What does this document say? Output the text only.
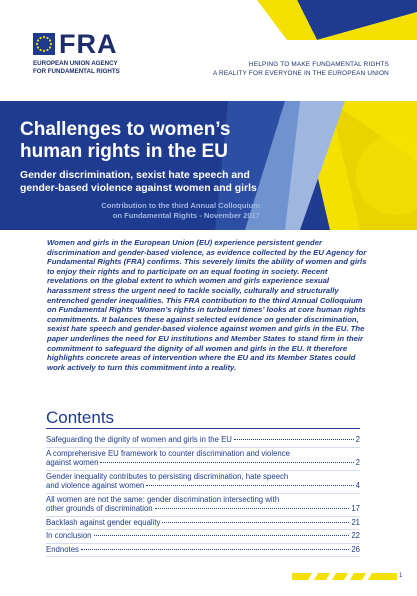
FRA
EUROPEAN UNION AGENCY
FOR FUNDAMENTAL RIGHTS
HELPING TO MAKE FUNDAMENTAL RIGHTS
A REALITY FOR EVERYONE IN THE EUROPEAN UNION
Challenges to women’s
human rights in the EU
Gender discrimination, sexist hate speech and
gender-based violence against women and girls
Contribution to the third Annual Colloquium
on Fundamental Rights - November 2017

Women and girls in the European Union (EU) experience persistent gender discrimination and gender-based violence, as evidence collected by the EU Agency for Fundamental Rights (FRA) confirms. This severely limits the ability of women and girls to enjoy their rights and to participate on an equal footing in society. Recent revelations on the global extent to which women and girls experience sexual harassment stress the urgent need to tackle socially, culturally and structurally entrenched gender inequalities. This FRA contribution to the third Annual Colloquium on Fundamental Rights ‘Women’s rights in turbulent times’ looks at core human rights commitments. It balances these against selected evidence on gender discrimination, sexist hate speech and gender-based violence against women and girls in the EU. The paper underlines the need for EU institutions and Member States to stand firm in their commitment to safeguard the dignity of all women and girls in the EU. It therefore highlights concrete areas of intervention where the EU and its Member States could work actively to turn this commitment into a reality.

Contents
Safeguarding the dignity of women and girls in the EU	2
A comprehensive EU framework to counter discrimination and violence
against women	2
Gender inequality contributes to persisting discrimination, hate speech
and violence against women	4
All women are not the same: gender discrimination intersecting with
other grounds of discrimination	17
Backlash against gender equality	21
In conclusion	22
Endnotes	26
1
